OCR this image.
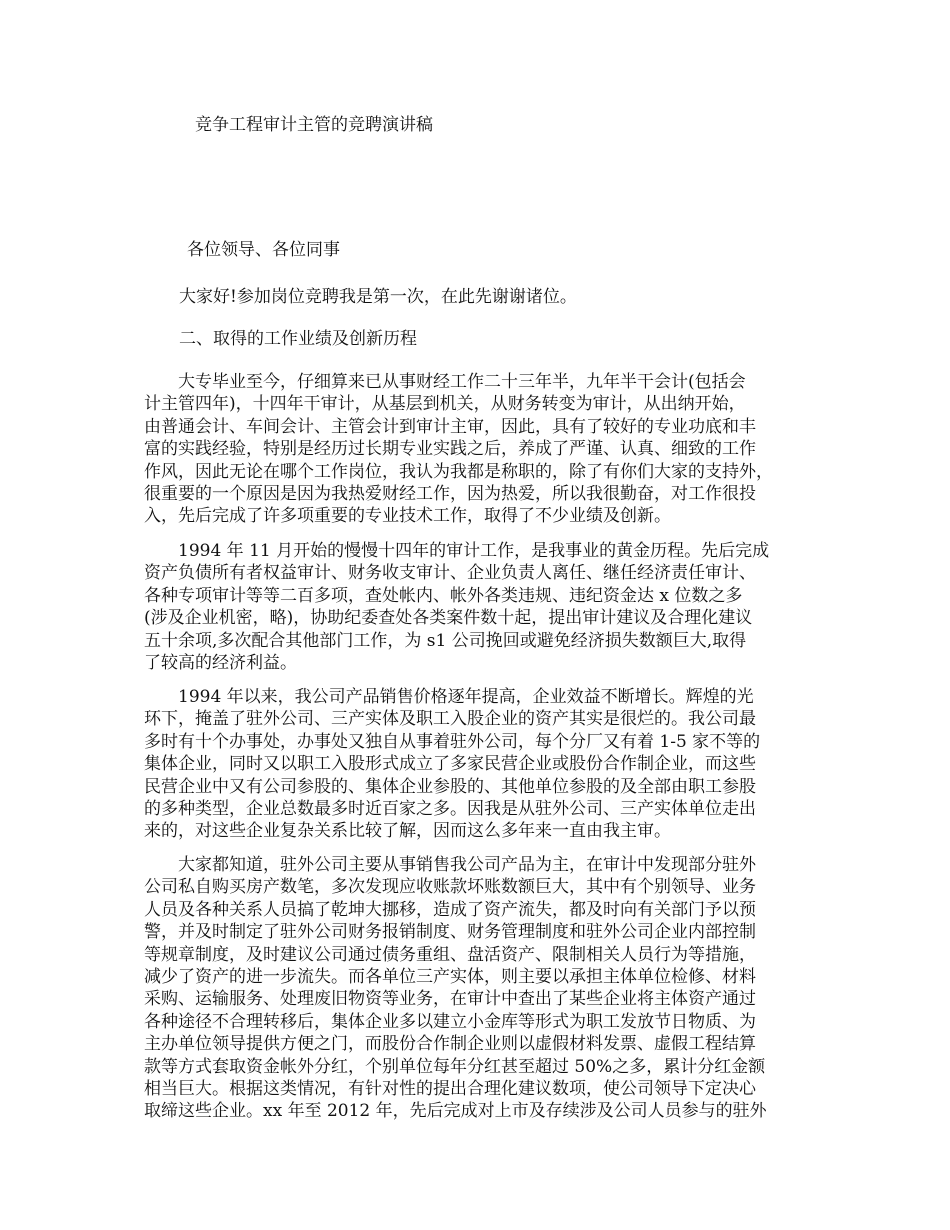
竞争工程审计主管的竞聘演讲稿

各位领导、各位同事

大家好!参加岗位竞聘我是第一次，在此先谢谢诸位。

二、取得的工作业绩及创新历程

　　大专毕业至今，仔细算来已从事财经工作二十三年半，九年半干会计(包括会
计主管四年)，十四年干审计，从基层到机关，从财务转变为审计，从出纳开始，
由普通会计、车间会计、主管会计到审计主审，因此，具有了较好的专业功底和丰
富的实践经验，特别是经历过长期专业实践之后，养成了严谨、认真、细致的工作
作风，因此无论在哪个工作岗位，我认为我都是称职的，除了有你们大家的支持外，
很重要的一个原因是因为我热爱财经工作，因为热爱，所以我很勤奋，对工作很投
入，先后完成了许多项重要的专业技术工作，取得了不少业绩及创新。
　　1994 年 11 月开始的慢慢十四年的审计工作，是我事业的黄金历程。先后完成
资产负债所有者权益审计、财务收支审计、企业负责人离任、继任经济责任审计、
各种专项审计等等二百多项，查处帐内、帐外各类违规、违纪资金达 x 位数之多
(涉及企业机密，略)，协助纪委查处各类案件数十起，提出审计建议及合理化建议
五十余项,多次配合其他部门工作，为 s1 公司挽回或避免经济损失数额巨大,取得
了较高的经济利益。
　　1994 年以来，我公司产品销售价格逐年提高，企业效益不断增长。辉煌的光
环下，掩盖了驻外公司、三产实体及职工入股企业的资产其实是很烂的。我公司最
多时有十个办事处，办事处又独自从事着驻外公司，每个分厂又有着 1-5 家不等的
集体企业，同时又以职工入股形式成立了多家民营企业或股份合作制企业，而这些
民营企业中又有公司参股的、集体企业参股的、其他单位参股的及全部由职工参股
的多种类型，企业总数最多时近百家之多。因我是从驻外公司、三产实体单位走出
来的，对这些企业复杂关系比较了解，因而这么多年来一直由我主审。
　　大家都知道，驻外公司主要从事销售我公司产品为主，在审计中发现部分驻外
公司私自购买房产数笔，多次发现应收账款坏账数额巨大，其中有个别领导、业务
人员及各种关系人员搞了乾坤大挪移，造成了资产流失，都及时向有关部门予以预
警，并及时制定了驻外公司财务报销制度、财务管理制度和驻外公司企业内部控制
等规章制度，及时建议公司通过债务重组、盘活资产、限制相关人员行为等措施，
减少了资产的进一步流失。而各单位三产实体，则主要以承担主体单位检修、材料
采购、运输服务、处理废旧物资等业务，在审计中查出了某些企业将主体资产通过
各种途径不合理转移后，集体企业多以建立小金库等形式为职工发放节日物质、为
主办单位领导提供方便之门，而股份合作制企业则以虚假材料发票、虚假工程结算
款等方式套取资金帐外分红，个别单位每年分红甚至超过 50%之多，累计分红金额
相当巨大。根据这类情况，有针对性的提出合理化建议数项，使公司领导下定决心
取缔这些企业。xx 年至 2012 年，先后完成对上市及存续涉及公司人员参与的驻外
